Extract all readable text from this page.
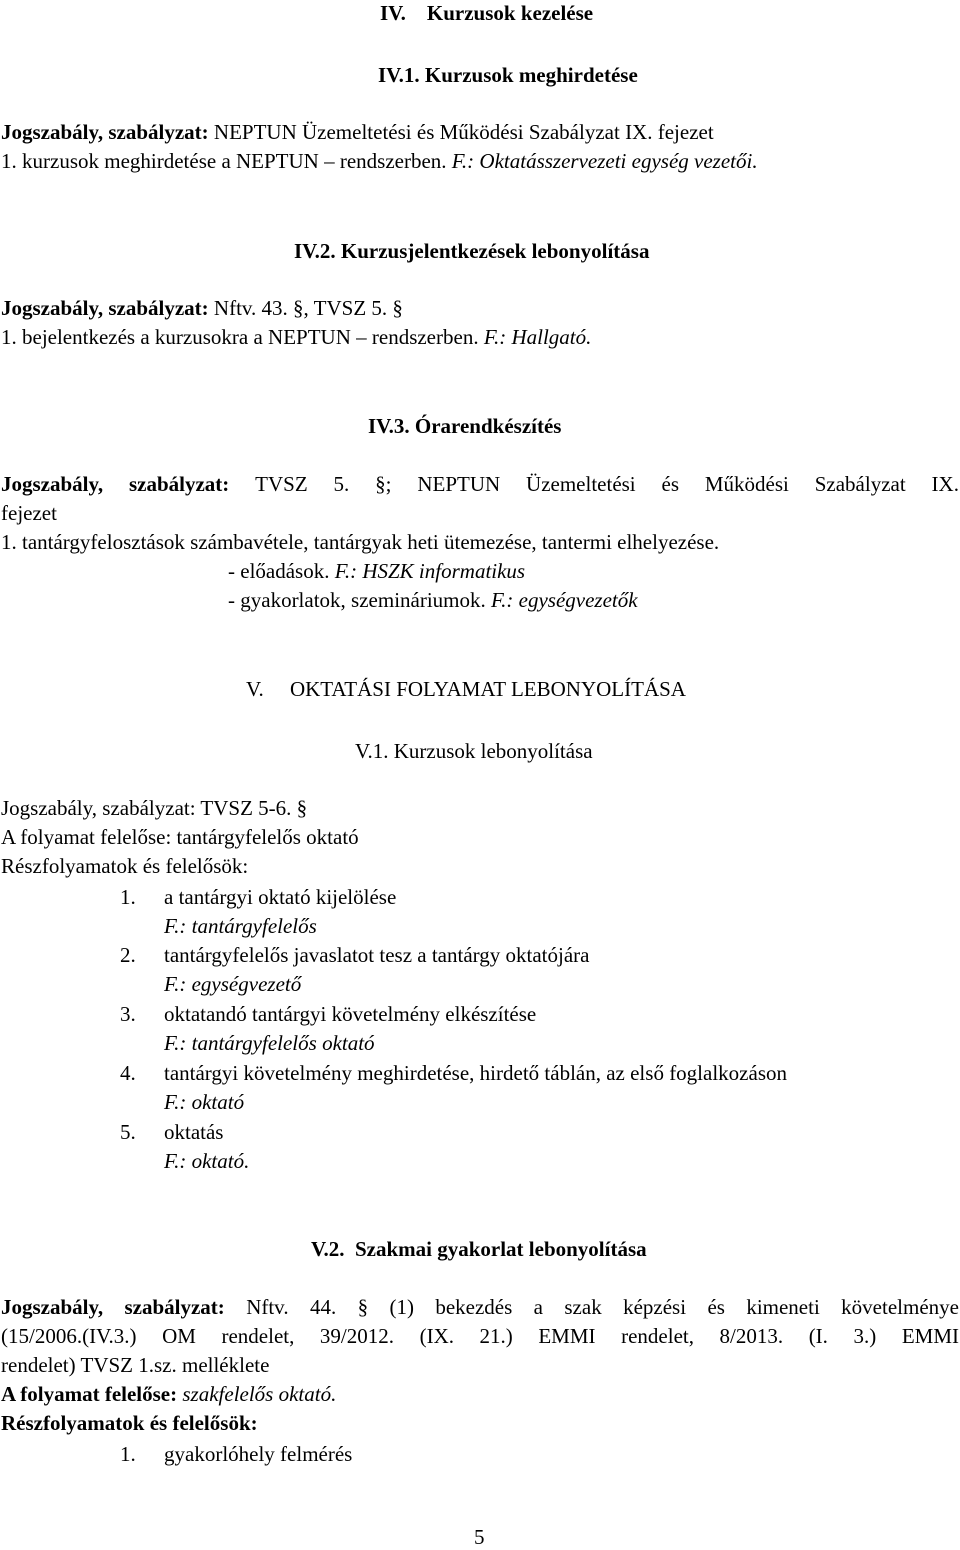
IV.    Kurzusok kezelése
IV.1. Kurzusok meghirdetése
Jogszabály, szabályzat: NEPTUN Üzemeltetési és Működési Szabályzat IX. fejezet
1. kurzusok meghirdetése a NEPTUN – rendszerben. F.: Oktatásszervezeti egység vezetői.
IV.2. Kurzusjelentkezések lebonyolítása
Jogszabály, szabályzat: Nftv. 43. §, TVSZ 5. §
1. bejelentkezés a kurzusokra a NEPTUN – rendszerben. F.: Hallgató.
IV.3. Órarendkészítés
Jogszabály, szabályzat: TVSZ 5. §; NEPTUN Üzemeltetési és Működési Szabályzat IX.
fejezet
1. tantárgyfelosztások számbavétele, tantárgyak heti ütemezése, tantermi elhelyezése.
- előadások. F.: HSZK informatikus
- gyakorlatok, szemináriumok. F.: egységvezetők
V.     OKTATÁSI FOLYAMAT LEBONYOLÍTÁSA
V.1. Kurzusok lebonyolítása
Jogszabály, szabályzat: TVSZ 5-6. §
A folyamat felelőse: tantárgyfelelős oktató
Részfolyamatok és felelősök:
1. a tantárgyi oktató kijelölése
F.: tantárgyfelelős
2. tantárgyfelelős javaslatot tesz a tantárgy oktatójára
F.: egységvezető
3. oktatandó tantárgyi követelmény elkészítése
F.: tantárgyfelelős oktató
4. tantárgyi követelmény meghirdetése, hirdető táblán, az első foglalkozáson
F.: oktató
5. oktatás
F.: oktató.
V.2.  Szakmai gyakorlat lebonyolítása
Jogszabály, szabályzat: Nftv. 44. § (1) bekezdés a szak képzési és kimeneti követelménye
(15/2006.(IV.3.) OM rendelet, 39/2012. (IX. 21.) EMMI rendelet, 8/2013. (I. 3.) EMMI
rendelet) TVSZ 1.sz. melléklete
A folyamat felelőse: szakfelelős oktató.
Részfolyamatok és felelősök:
1. gyakorlóhely felmérés
5
